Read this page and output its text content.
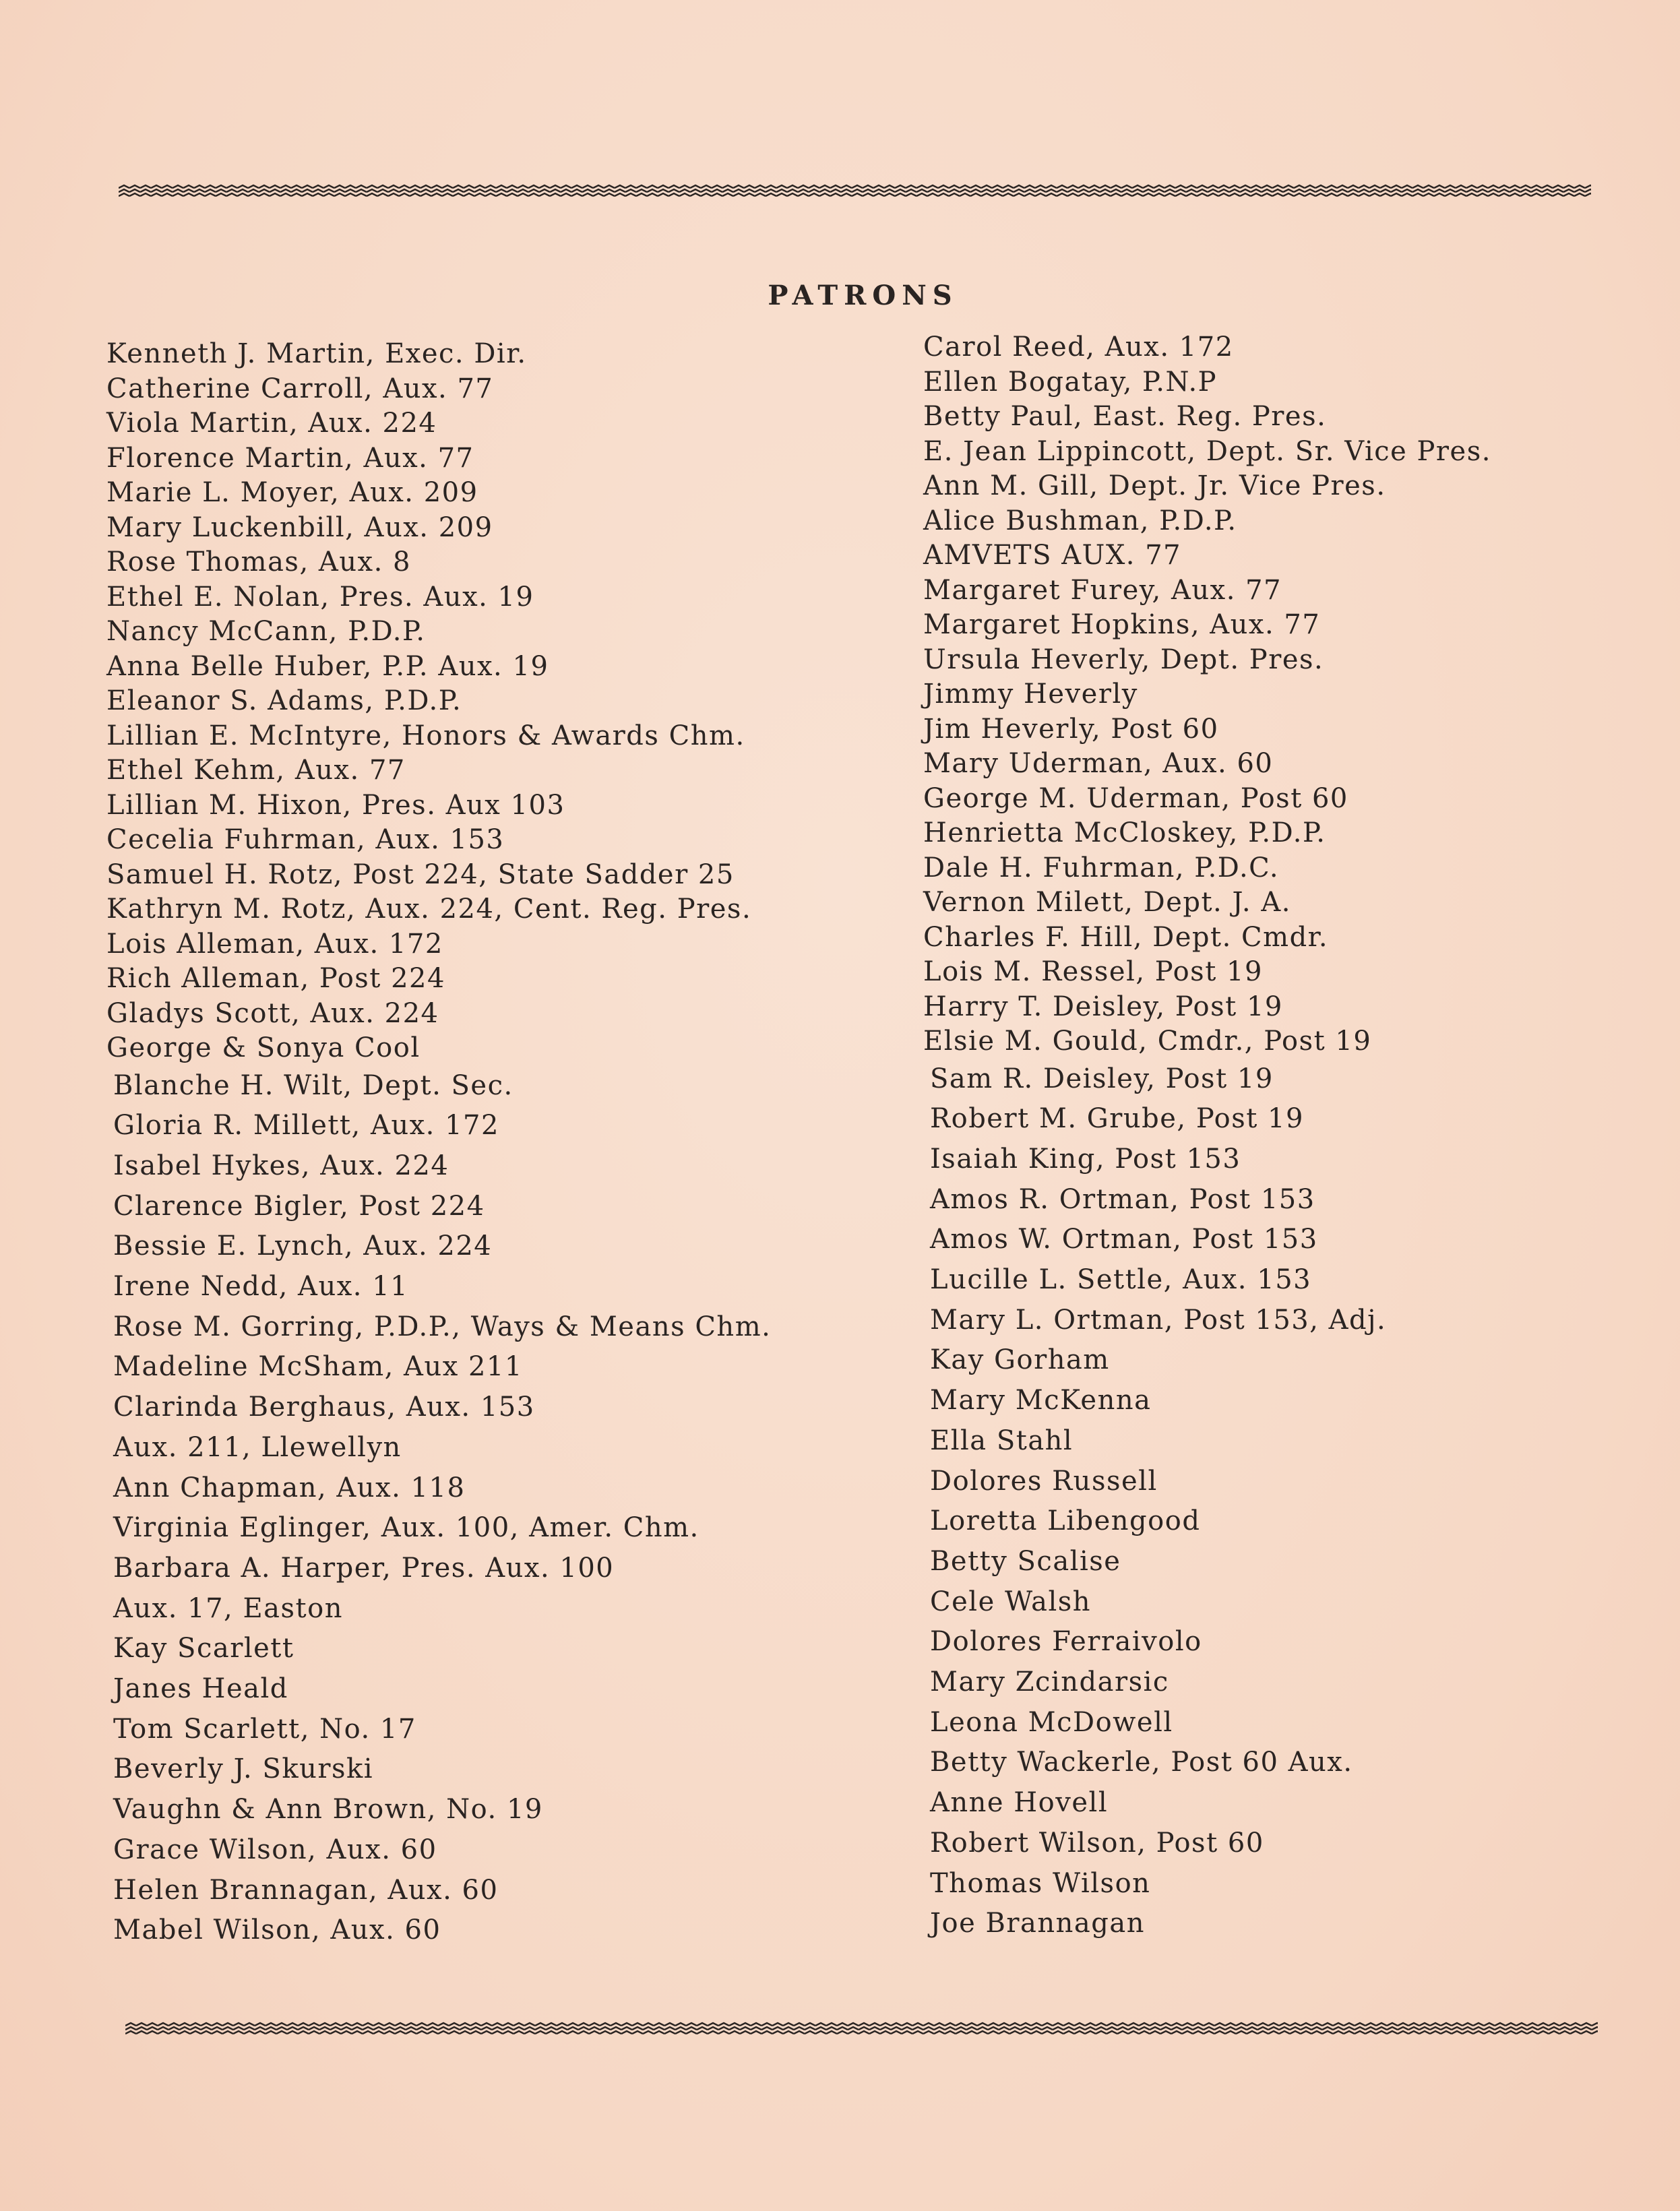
PATRONS
Kenneth J. Martin, Exec. Dir.
Catherine Carroll, Aux. 77
Viola Martin, Aux. 224
Florence Martin, Aux. 77
Marie L. Moyer, Aux. 209
Mary Luckenbill, Aux. 209
Rose Thomas, Aux. 8
Ethel E. Nolan, Pres. Aux. 19
Nancy McCann, P.D.P.
Anna Belle Huber, P.P. Aux. 19
Eleanor S. Adams, P.D.P.
Lillian E. McIntyre, Honors & Awards Chm.
Ethel Kehm, Aux. 77
Lillian M. Hixon, Pres. Aux 103
Cecelia Fuhrman, Aux. 153
Samuel H. Rotz, Post 224, State Sadder 25
Kathryn M. Rotz, Aux. 224, Cent. Reg. Pres.
Lois Alleman, Aux. 172
Rich Alleman, Post 224
Gladys Scott, Aux. 224
George & Sonya Cool
Blanche H. Wilt, Dept. Sec.
Gloria R. Millett, Aux. 172
Isabel Hykes, Aux. 224
Clarence Bigler, Post 224
Bessie E. Lynch, Aux. 224
Irene Nedd, Aux. 11
Rose M. Gorring, P.D.P., Ways & Means Chm.
Madeline McSham, Aux 211
Clarinda Berghaus, Aux. 153
Aux. 211, Llewellyn
Ann Chapman, Aux. 118
Virginia Eglinger, Aux. 100, Amer. Chm.
Barbara A. Harper, Pres. Aux. 100
Aux. 17, Easton
Kay Scarlett
Janes Heald
Tom Scarlett, No. 17
Beverly J. Skurski
Vaughn & Ann Brown, No. 19
Grace Wilson, Aux. 60
Helen Brannagan, Aux. 60
Mabel Wilson, Aux. 60
Carol Reed, Aux. 172
Ellen Bogatay, P.N.P
Betty Paul, East. Reg. Pres.
E. Jean Lippincott, Dept. Sr. Vice Pres.
Ann M. Gill, Dept. Jr. Vice Pres.
Alice Bushman, P.D.P.
AMVETS AUX. 77
Margaret Furey, Aux. 77
Margaret Hopkins, Aux. 77
Ursula Heverly, Dept. Pres.
Jimmy Heverly
Jim Heverly, Post 60
Mary Uderman, Aux. 60
George M. Uderman, Post 60
Henrietta McCloskey, P.D.P.
Dale H. Fuhrman, P.D.C.
Vernon Milett, Dept. J. A.
Charles F. Hill, Dept. Cmdr.
Lois M. Ressel, Post 19
Harry T. Deisley, Post 19
Elsie M. Gould, Cmdr., Post 19
Sam R. Deisley, Post 19
Robert M. Grube, Post 19
Isaiah King, Post 153
Amos R. Ortman, Post 153
Amos W. Ortman, Post 153
Lucille L. Settle, Aux. 153
Mary L. Ortman, Post 153, Adj.
Kay Gorham
Mary McKenna
Ella Stahl
Dolores Russell
Loretta Libengood
Betty Scalise
Cele Walsh
Dolores Ferraivolo
Mary Zcindarsic
Leona McDowell
Betty Wackerle, Post 60 Aux.
Anne Hovell
Robert Wilson, Post 60
Thomas Wilson
Joe Brannagan
